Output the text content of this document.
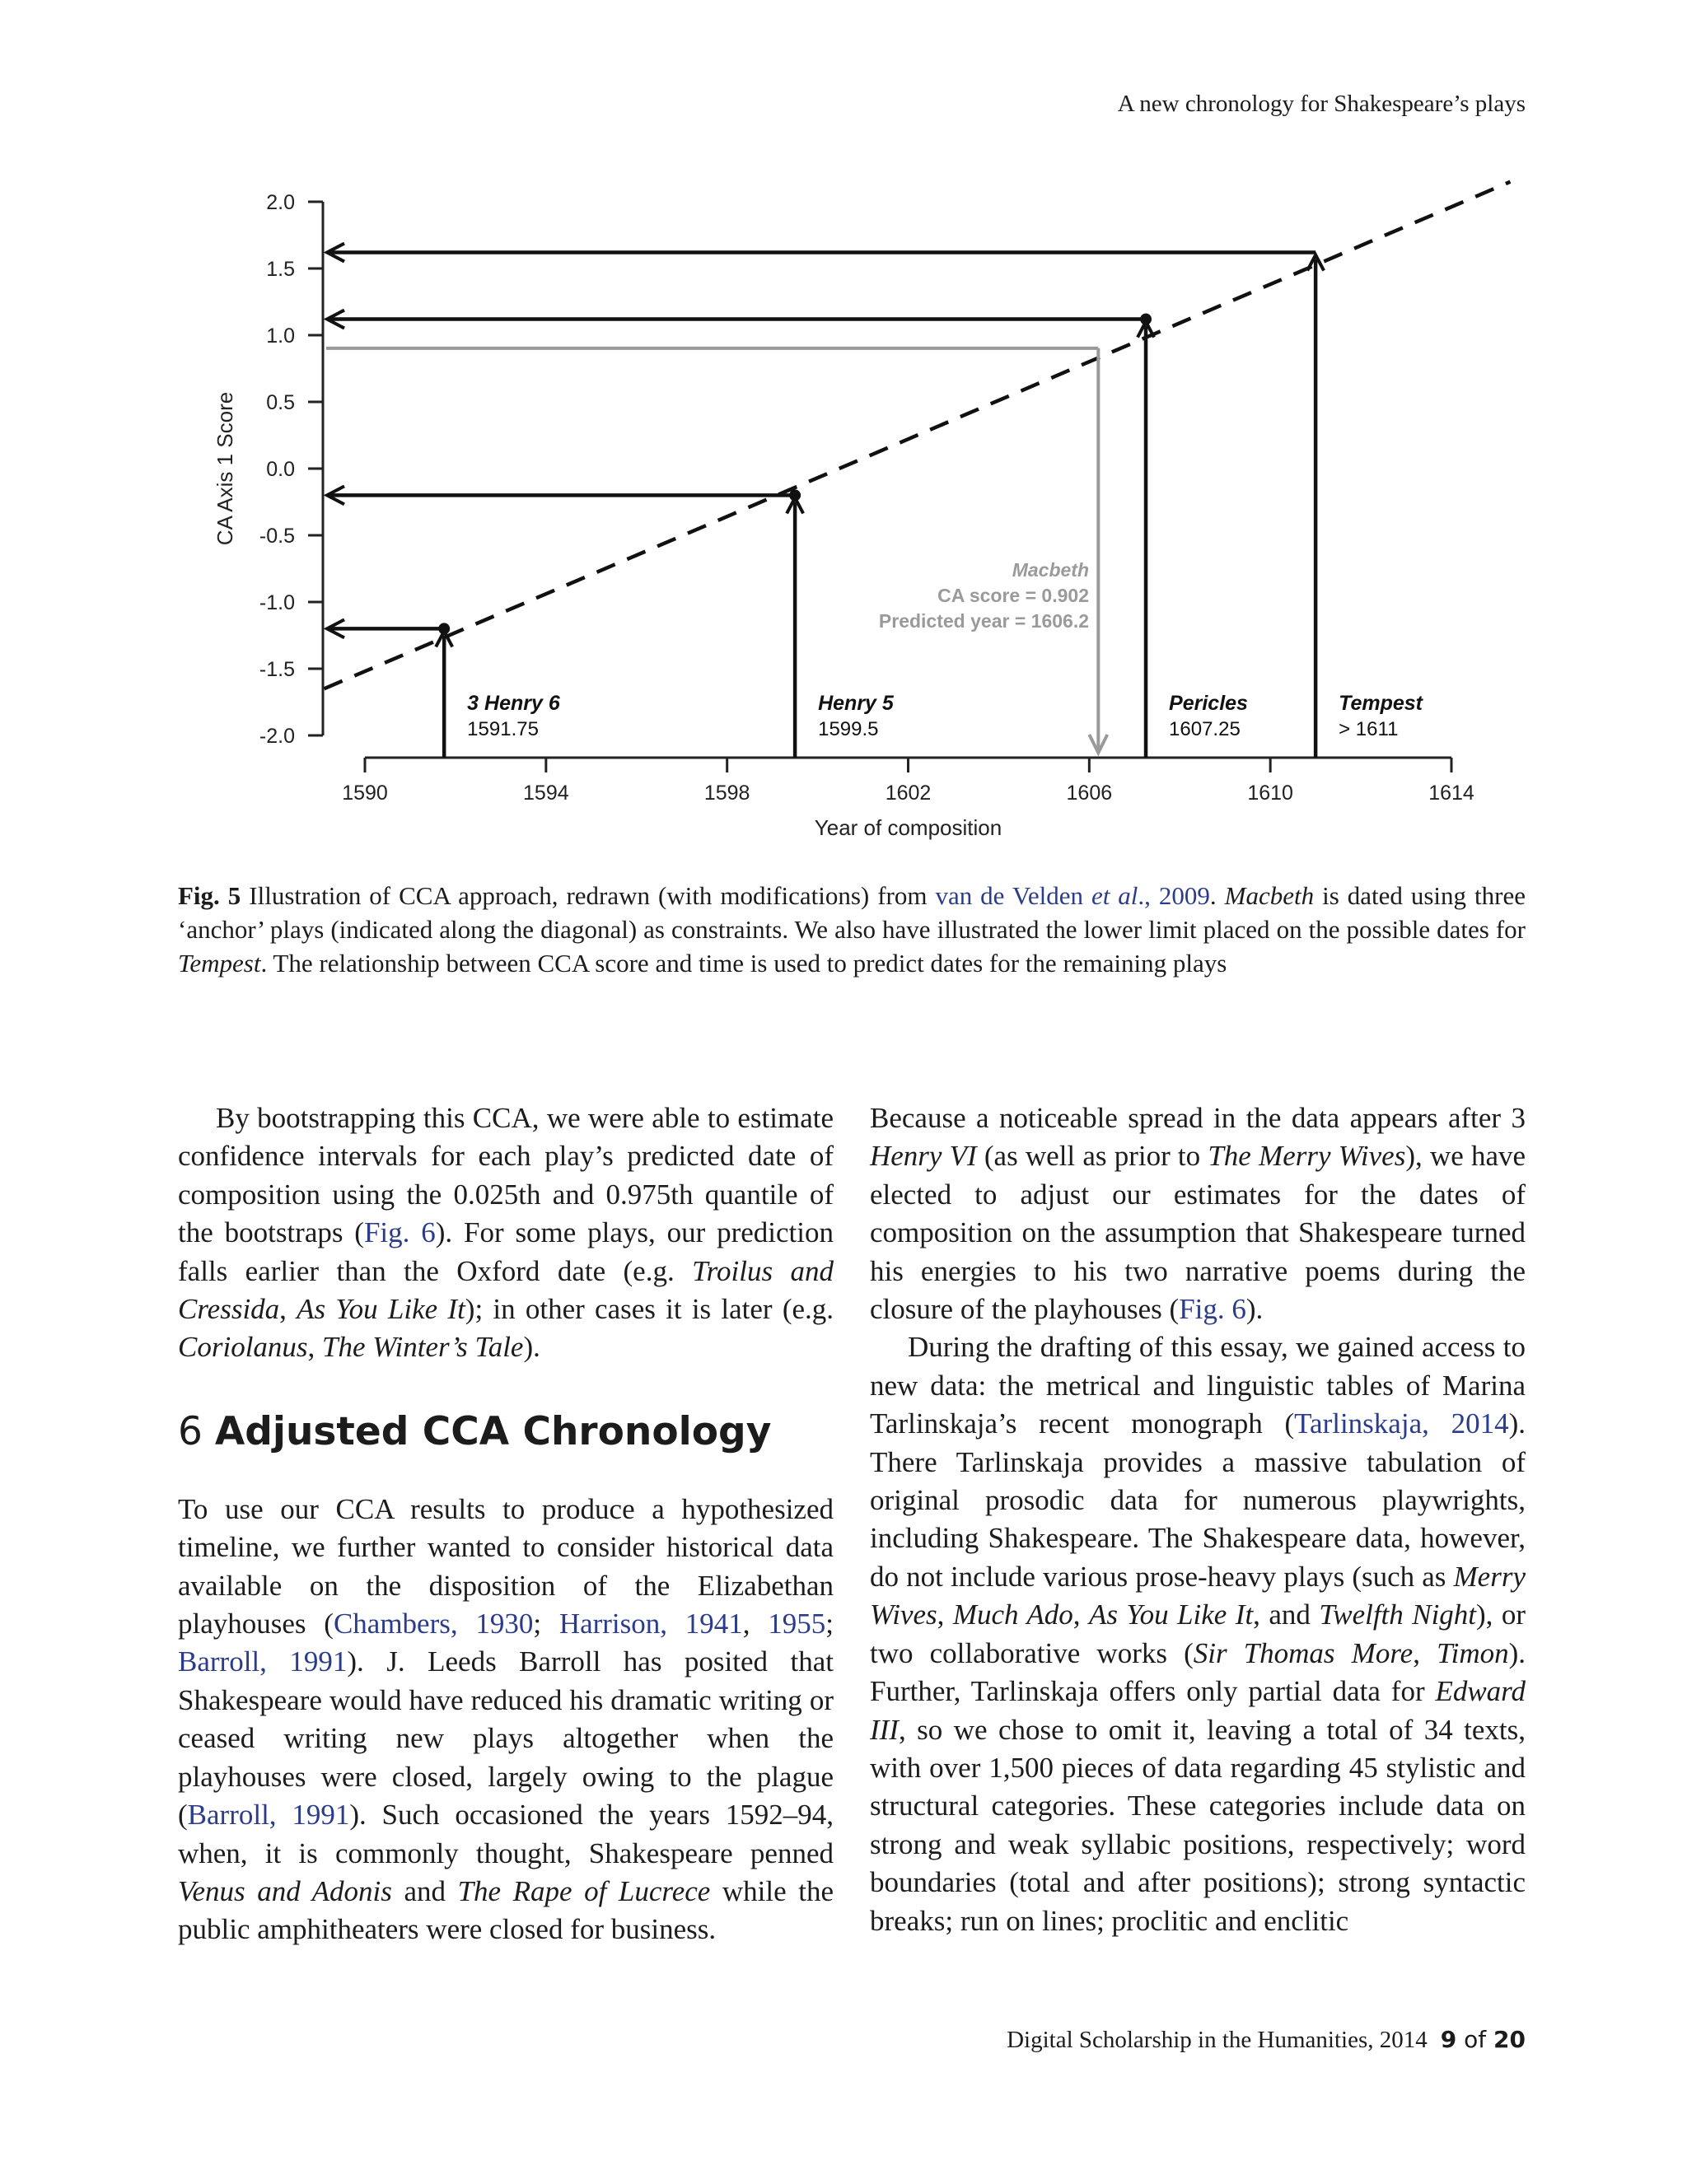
A new chronology for Shakespeare’s plays
2.0
1.5
1.0
0.5
0.0
-0.5
-1.0
-1.5
-2.0
CA Axis 1 Score
1590	1594	1598	1602	1606	1610	1614
Year of composition
3 Henry 6
1591.75
Henry 5
1599.5
Pericles
1607.25
Tempest
> 1611
Macbeth
CA score = 0.902
Predicted year = 1606.2
Fig. 5 Illustration of CCA approach, redrawn (with modifications) from van de Velden et al., 2009. Macbeth is dated using three ‘anchor’ plays (indicated along the diagonal) as constraints. We also have illustrated the lower limit placed on the possible dates for Tempest. The relationship between CCA score and time is used to predict dates for the remaining plays

By bootstrapping this CCA, we were able to estimate confidence intervals for each play’s predicted date of composition using the 0.025th and 0.975th quantile of the bootstraps (Fig. 6). For some plays, our prediction falls earlier than the Oxford date (e.g. Troilus and Cressida, As You Like It); in other cases it is later (e.g. Coriolanus, The Winter’s Tale).

6 Adjusted CCA Chronology

To use our CCA results to produce a hypothesized timeline, we further wanted to consider historical data available on the disposition of the Elizabethan playhouses (Chambers, 1930; Harrison, 1941, 1955; Barroll, 1991). J. Leeds Barroll has posited that Shakespeare would have reduced his dramatic writing or ceased writing new plays altogether when the playhouses were closed, largely owing to the plague (Barroll, 1991). Such occasioned the years 1592–94, when, it is commonly thought, Shakespeare penned Venus and Adonis and The Rape of Lucrece while the public amphitheaters were closed for business.

Because a noticeable spread in the data appears after 3 Henry VI (as well as prior to The Merry Wives), we have elected to adjust our estimates for the dates of composition on the assumption that Shakespeare turned his energies to his two narrative poems during the closure of the playhouses (Fig. 6).

During the drafting of this essay, we gained access to new data: the metrical and linguistic tables of Marina Tarlinskaja’s recent monograph (Tarlinskaja, 2014). There Tarlinskaja provides a massive tabulation of original prosodic data for numerous playwrights, including Shakespeare. The Shakespeare data, however, do not include various prose-heavy plays (such as Merry Wives, Much Ado, As You Like It, and Twelfth Night), or two collaborative works (Sir Thomas More, Timon). Further, Tarlinskaja offers only partial data for Edward III, so we chose to omit it, leaving a total of 34 texts, with over 1,500 pieces of data regarding 45 stylistic and structural categories. These categories include data on strong and weak syllabic positions, respectively; word boundaries (total and after positions); strong syntactic breaks; run on lines; proclitic and enclitic

Digital Scholarship in the Humanities, 2014 9 of 20
